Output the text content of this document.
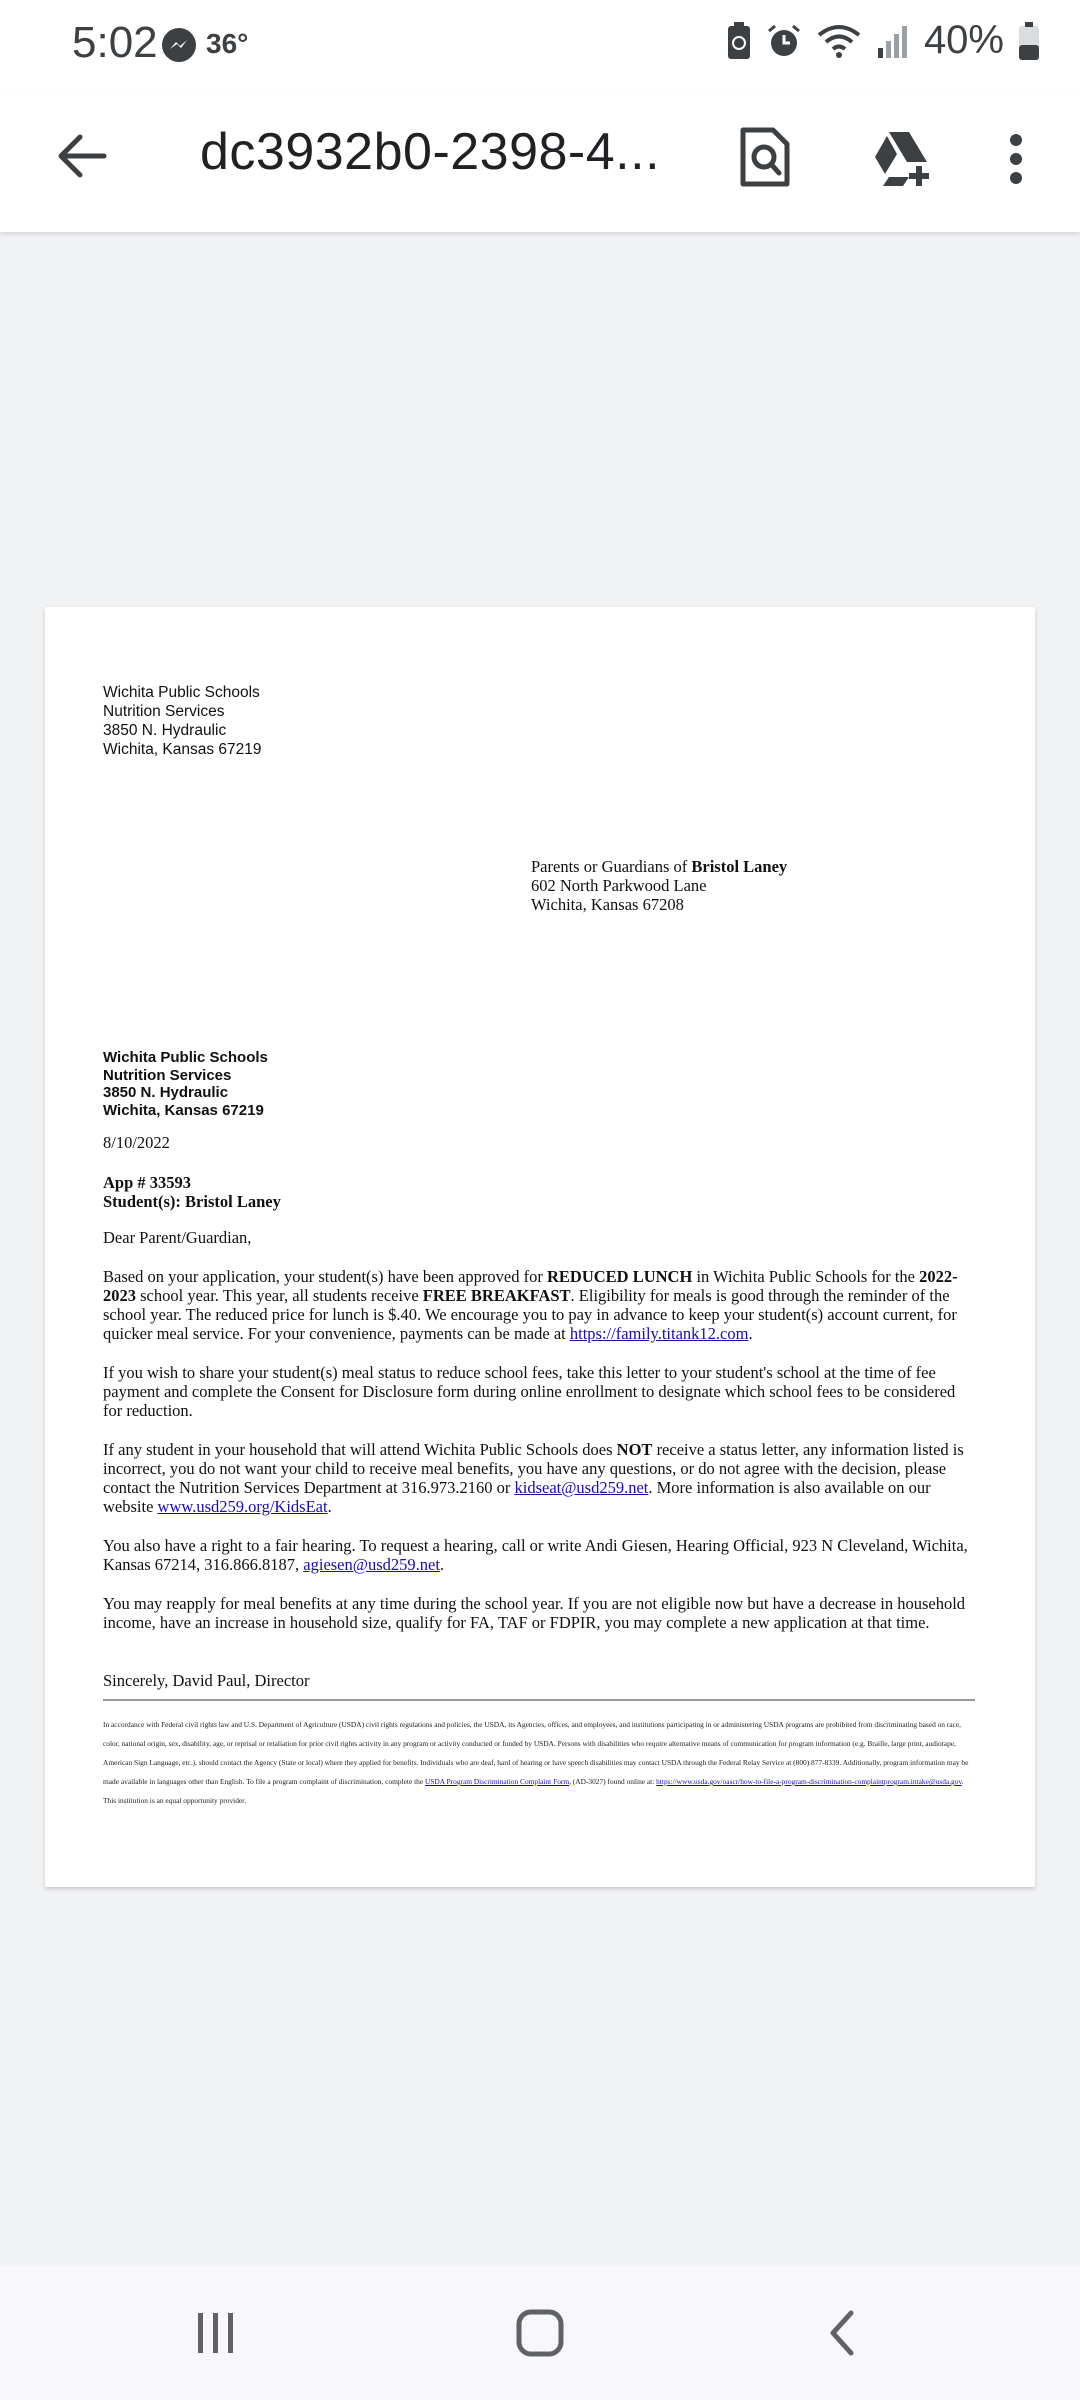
5:02 36°	40%
dc3932b0-2398-4...
Wichita Public Schools
Nutrition Services
3850 N. Hydraulic
Wichita, Kansas 67219
Parents or Guardians of Bristol Laney
602 North Parkwood Lane
Wichita, Kansas 67208
Wichita Public Schools
Nutrition Services
3850 N. Hydraulic
Wichita, Kansas 67219
8/10/2022
App # 33593
Student(s): Bristol Laney
Dear Parent/Guardian,
Based on your application, your student(s) have been approved for REDUCED LUNCH in Wichita Public Schools for the 2022-2023 school year. This year, all students receive FREE BREAKFAST. Eligibility for meals is good through the reminder of the school year. The reduced price for lunch is $.40. We encourage you to pay in advance to keep your student(s) account current, for quicker meal service. For your convenience, payments can be made at https://family.titank12.com.
If you wish to share your student(s) meal status to reduce school fees, take this letter to your student's school at the time of fee payment and complete the Consent for Disclosure form during online enrollment to designate which school fees to be considered for reduction.
If any student in your household that will attend Wichita Public Schools does NOT receive a status letter, any information listed is incorrect, you do not want your child to receive meal benefits, you have any questions, or do not agree with the decision, please contact the Nutrition Services Department at 316.973.2160 or kidseat@usd259.net. More information is also available on our website www.usd259.org/KidsEat.
You also have a right to a fair hearing. To request a hearing, call or write Andi Giesen, Hearing Official, 923 N Cleveland, Wichita, Kansas 67214, 316.866.8187, agiesen@usd259.net.
You may reapply for meal benefits at any time during the school year. If you are not eligible now but have a decrease in household income, have an increase in household size, qualify for FA, TAF or FDPIR, you may complete a new application at that time.
Sincerely, David Paul, Director
In accordance with Federal civil rights law and U.S. Department of Agriculture (USDA) civil rights regulations and policies, the USDA, its Agencies, offices, and employees, and institutions participating in or administering USDA programs are prohibited from discriminating based on race, color, national origin, sex, disability, age, or reprisal or retaliation for prior civil rights activity in any program or activity conducted or funded by USDA. Persons with disabilities who require alternative means of communication for program information (e.g. Braille, large print, audiotape, American Sign Language, etc.), should contact the Agency (State or local) where they applied for benefits. Individuals who are deaf, hard of hearing or have speech disabilities may contact USDA through the Federal Relay Service at (800) 877-8339. Additionally, program information may be made available in languages other than English. To file a program complaint of discrimination, complete the USDA Program Discrimination Complaint Form, (AD-3027) found online at: https://www.usda.gov/oascr/how-to-file-a-program-discrimination-complaintprogram.intake@usda.gov. This institution is an equal opportunity provider.
